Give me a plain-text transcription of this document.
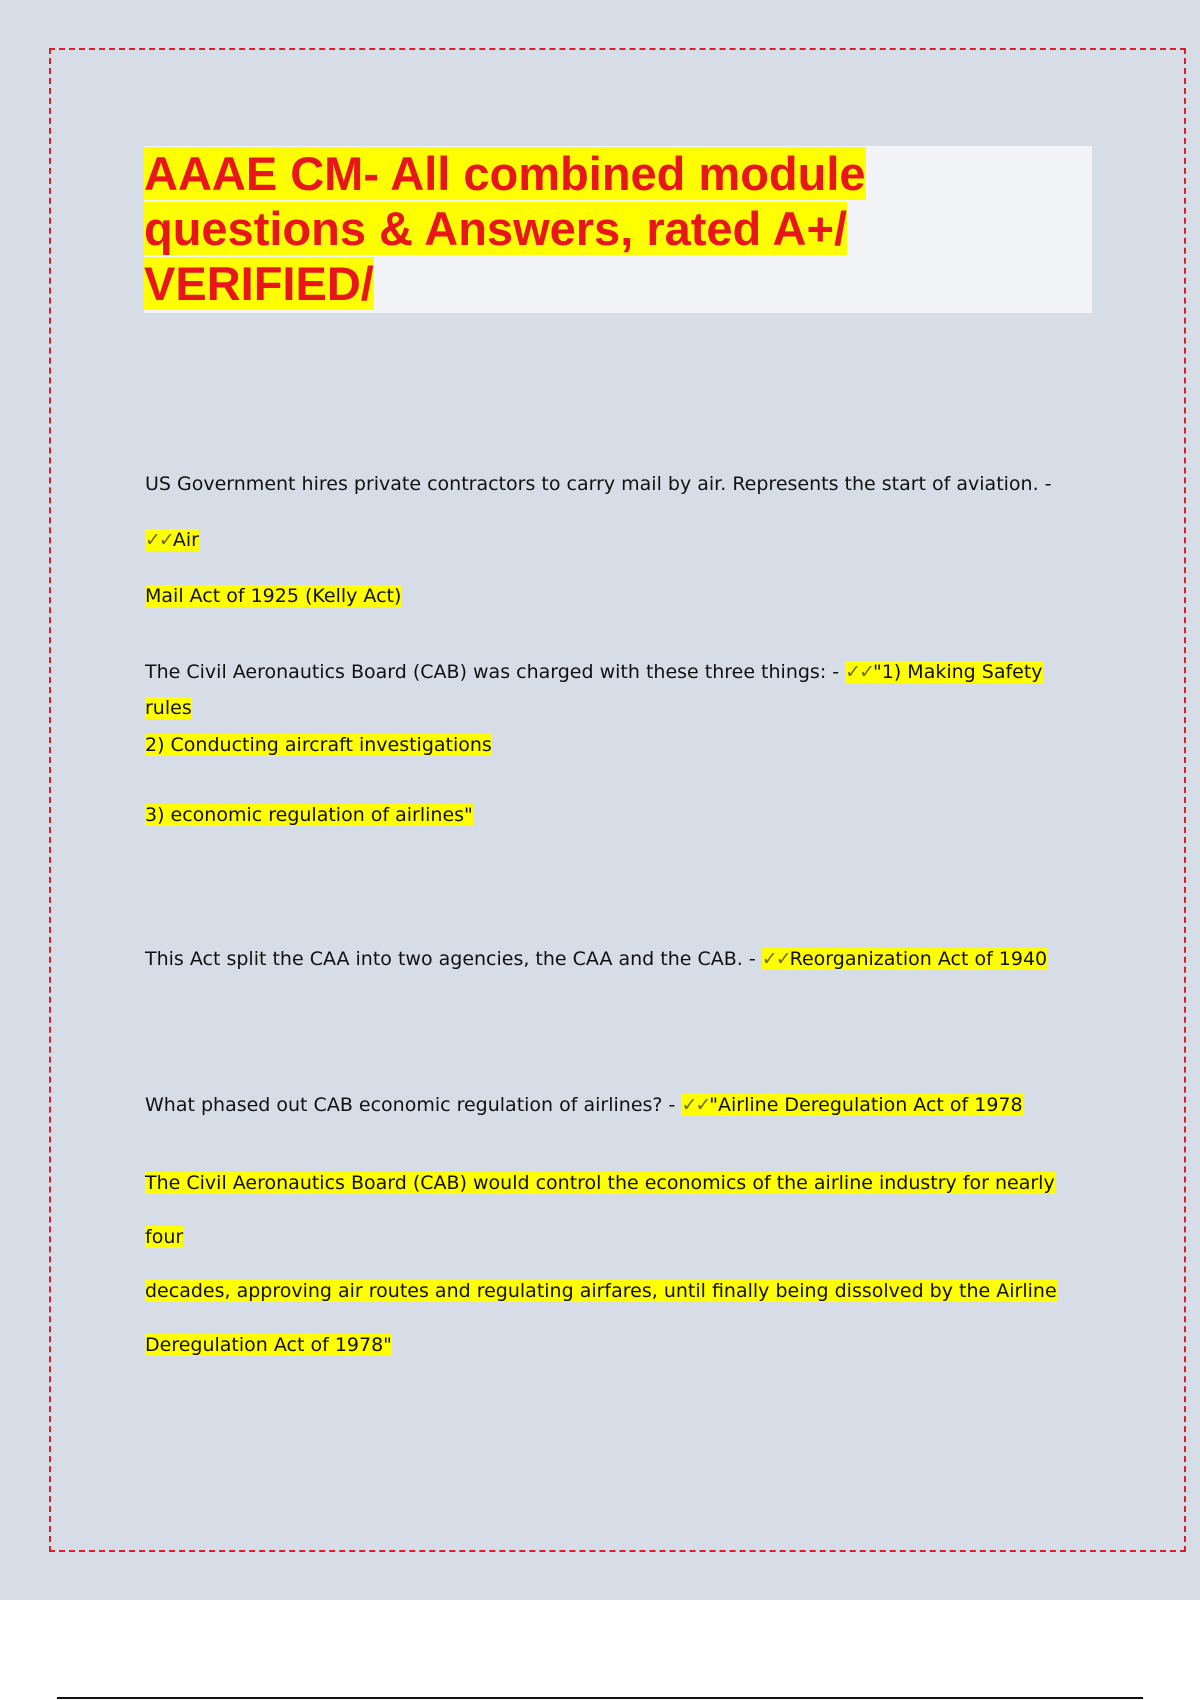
AAAE CM- All combined module questions & Answers, rated A+/ VERIFIED/

US Government hires private contractors to carry mail by air. Represents the start of aviation. - ✓✓Air
Mail Act of 1925 (Kelly Act)

The Civil Aeronautics Board (CAB) was charged with these three things: - ✓✓"1) Making Safety rules

2) Conducting aircraft investigations

3) economic regulation of airlines"

This Act split the CAA into two agencies, the CAA and the CAB. - ✓✓Reorganization Act of 1940

What phased out CAB economic regulation of airlines? - ✓✓"Airline Deregulation Act of 1978

The Civil Aeronautics Board (CAB) would control the economics of the airline industry for nearly four
decades, approving air routes and regulating airfares, until finally being dissolved by the Airline
Deregulation Act of 1978"
